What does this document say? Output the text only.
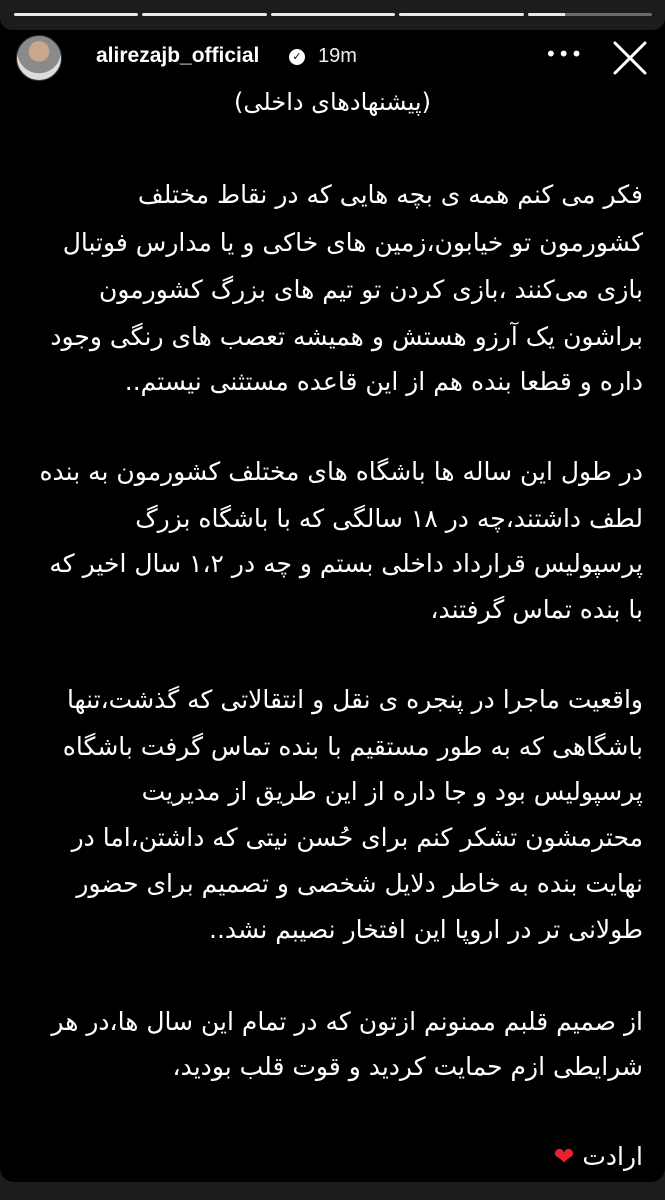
alirezajb_official	✓ 19m	•••
(پیشنهادهای داخلی)
فکر می کنم همه ی بچه هایی که در نقاط مختلف
کشورمون تو خیابون،زمین های خاکی و یا مدارس فوتبال
بازی می‌کنند ،بازی کردن تو تیم های بزرگ کشورمون
براشون یک آرزو هستش و همیشه تعصب های رنگی وجود
داره و قطعا بنده هم از این قاعده مستثنی نیستم..
در طول این ساله ها باشگاه های مختلف کشورمون به بنده
لطف داشتند،چه در ۱۸ سالگی که با باشگاه بزرگ
پرسپولیس قرارداد داخلی بستم و چه در ۱،۲ سال اخیر که
با بنده تماس گرفتند،
واقعیت ماجرا در پنجره ی نقل و انتقالاتی که گذشت،تنها
باشگاهی که به طور مستقیم با بنده تماس گرفت باشگاه
پرسپولیس بود و جا داره از این طریق از مدیریت
محترمشون تشکر کنم برای حُسن نیتی که داشتن،اما در
نهایت بنده به خاطر دلایل شخصی و تصمیم برای حضور
طولانی تر در اروپا این افتخار نصیبم نشد..
از صمیم قلبم ممنونم ازتون که در تمام این سال ها،در هر
شرایطی ازم حمایت کردید و قوت قلب بودید،
ارادت ❤
